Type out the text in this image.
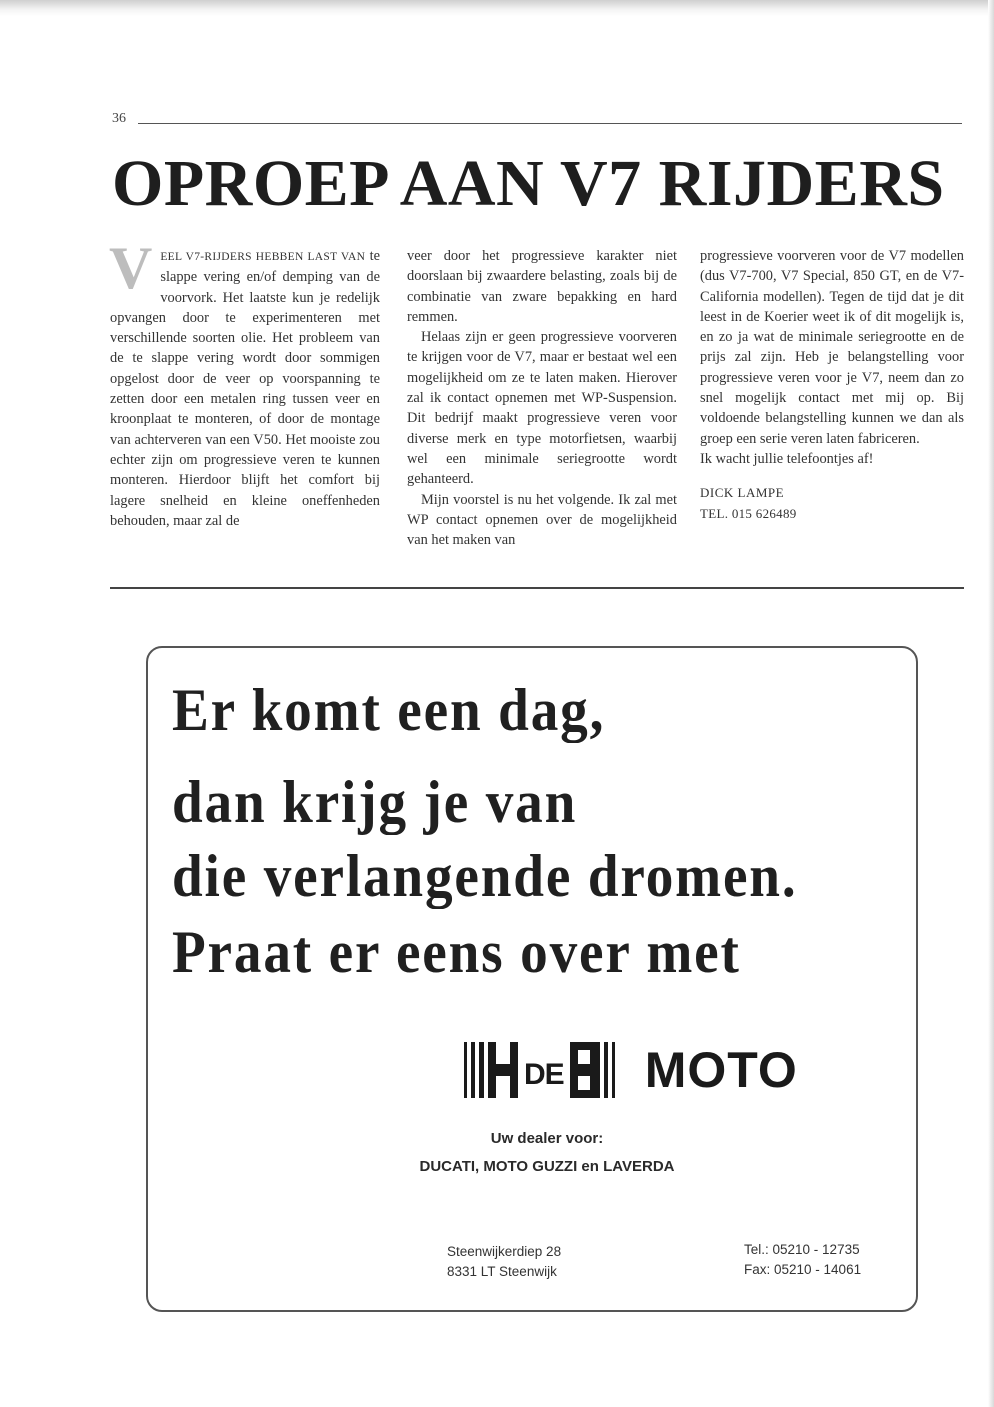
36
OPROEP AAN V7 RIJDERS

VEEL V7-RIJDERS HEBBEN LAST VAN te slappe vering en/of demping van de voorvork. Het laatste kun je redelijk opvangen door te experimenteren met verschillende soorten olie. Het probleem van de te slappe vering wordt door sommigen opgelost door de veer op voorspanning te zetten door een metalen ring tussen veer en kroonplaat te monteren, of door de montage van achterveren van een V50. Het mooiste zou echter zijn om progressieve veren te kunnen monteren. Hierdoor blijft het comfort bij lagere snelheid en kleine oneffenheden behouden, maar zal de

veer door het progressieve karakter niet doorslaan bij zwaardere belasting, zoals bij de combinatie van zware bepakking en hard remmen.

Helaas zijn er geen progressieve voorveren te krijgen voor de V7, maar er bestaat wel een mogelijkheid om ze te laten maken. Hierover zal ik contact opnemen met WP-Suspension. Dit bedrijf maakt progressieve veren voor diverse merk en type motorfietsen, waarbij wel een minimale seriegrootte wordt gehanteerd.

Mijn voorstel is nu het volgende. Ik zal met WP contact opnemen over de mogelijkheid van het maken van

progressieve voorveren voor de V7 modellen (dus V7-700, V7 Special, 850 GT, en de V7-California modellen). Tegen de tijd dat je dit leest in de Koerier weet ik of dit mogelijk is, en zo ja wat de minimale seriegrootte en de prijs zal zijn. Heb je belangstelling voor progressieve veren voor je V7, neem dan zo snel mogelijk contact met mij op. Bij voldoende belangstelling kunnen we dan als groep een serie veren laten fabriceren.

Ik wacht jullie telefoontjes af!

DICK LAMPE

TEL. 015 626489

Er komt een dag,
dan krijg je van
die verlangende dromen.
Praat er eens over met
DE MOTO
Uw dealer voor:
DUCATI, MOTO GUZZI en LAVERDA
Steenwijkerdiep 28
8331 LT Steenwijk
Tel.: 05210 - 12735
Fax: 05210 - 14061
